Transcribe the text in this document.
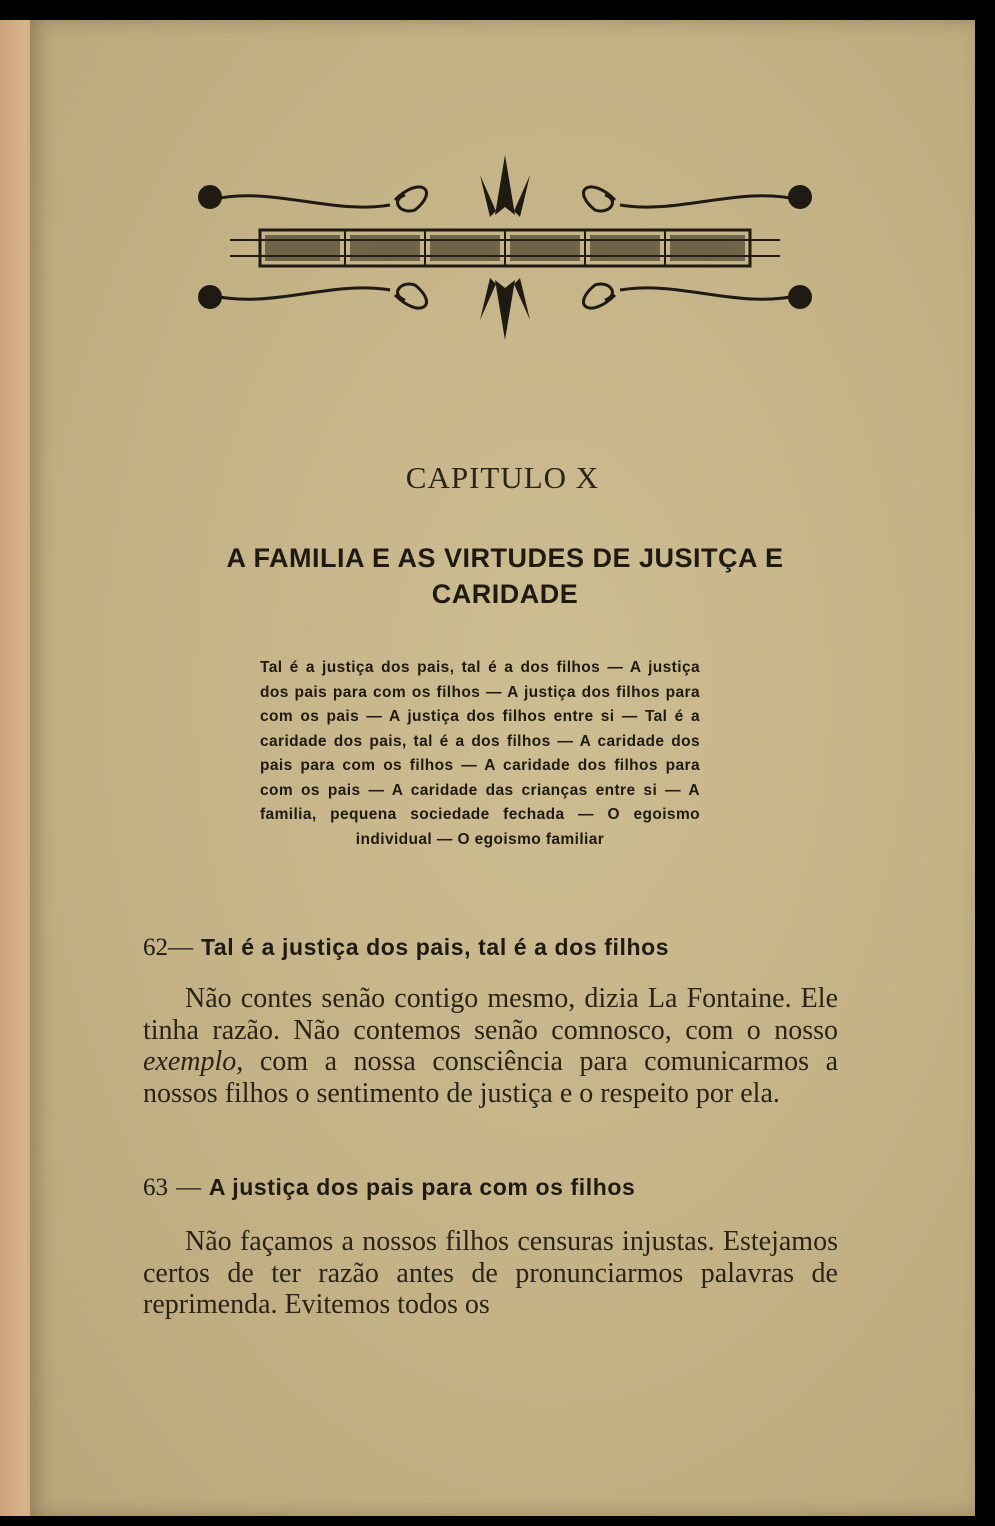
CAPITULO X
A FAMILIA E AS VIRTUDES DE JUSITÇA E CARIDADE
Tal é a justiça dos pais, tal é a dos filhos — A justiça dos pais para com os filhos — A justiça dos filhos para com os pais — A justiça dos filhos entre si — Tal é a caridade dos pais, tal é a dos filhos — A caridade dos pais para com os filhos — A caridade dos filhos para com os pais — A caridade das crianças entre si — A familia, pequena sociedade fechada — O egoismo individual — O egoismo familiar
62— Tal é a justiça dos pais, tal é a dos filhos

Não contes senão contigo mesmo, dizia La Fontaine. Ele tinha razão. Não contemos senão comnosco, com o nosso exemplo, com a nossa consciência para comunicarmos a nossos filhos o sentimento de justiça e o respeito por ela.

63 — A justiça dos pais para com os filhos

Não façamos a nossos filhos censuras injustas. Estejamos certos de ter razão antes de pronunciarmos palavras de reprimenda. Evitemos todos os
